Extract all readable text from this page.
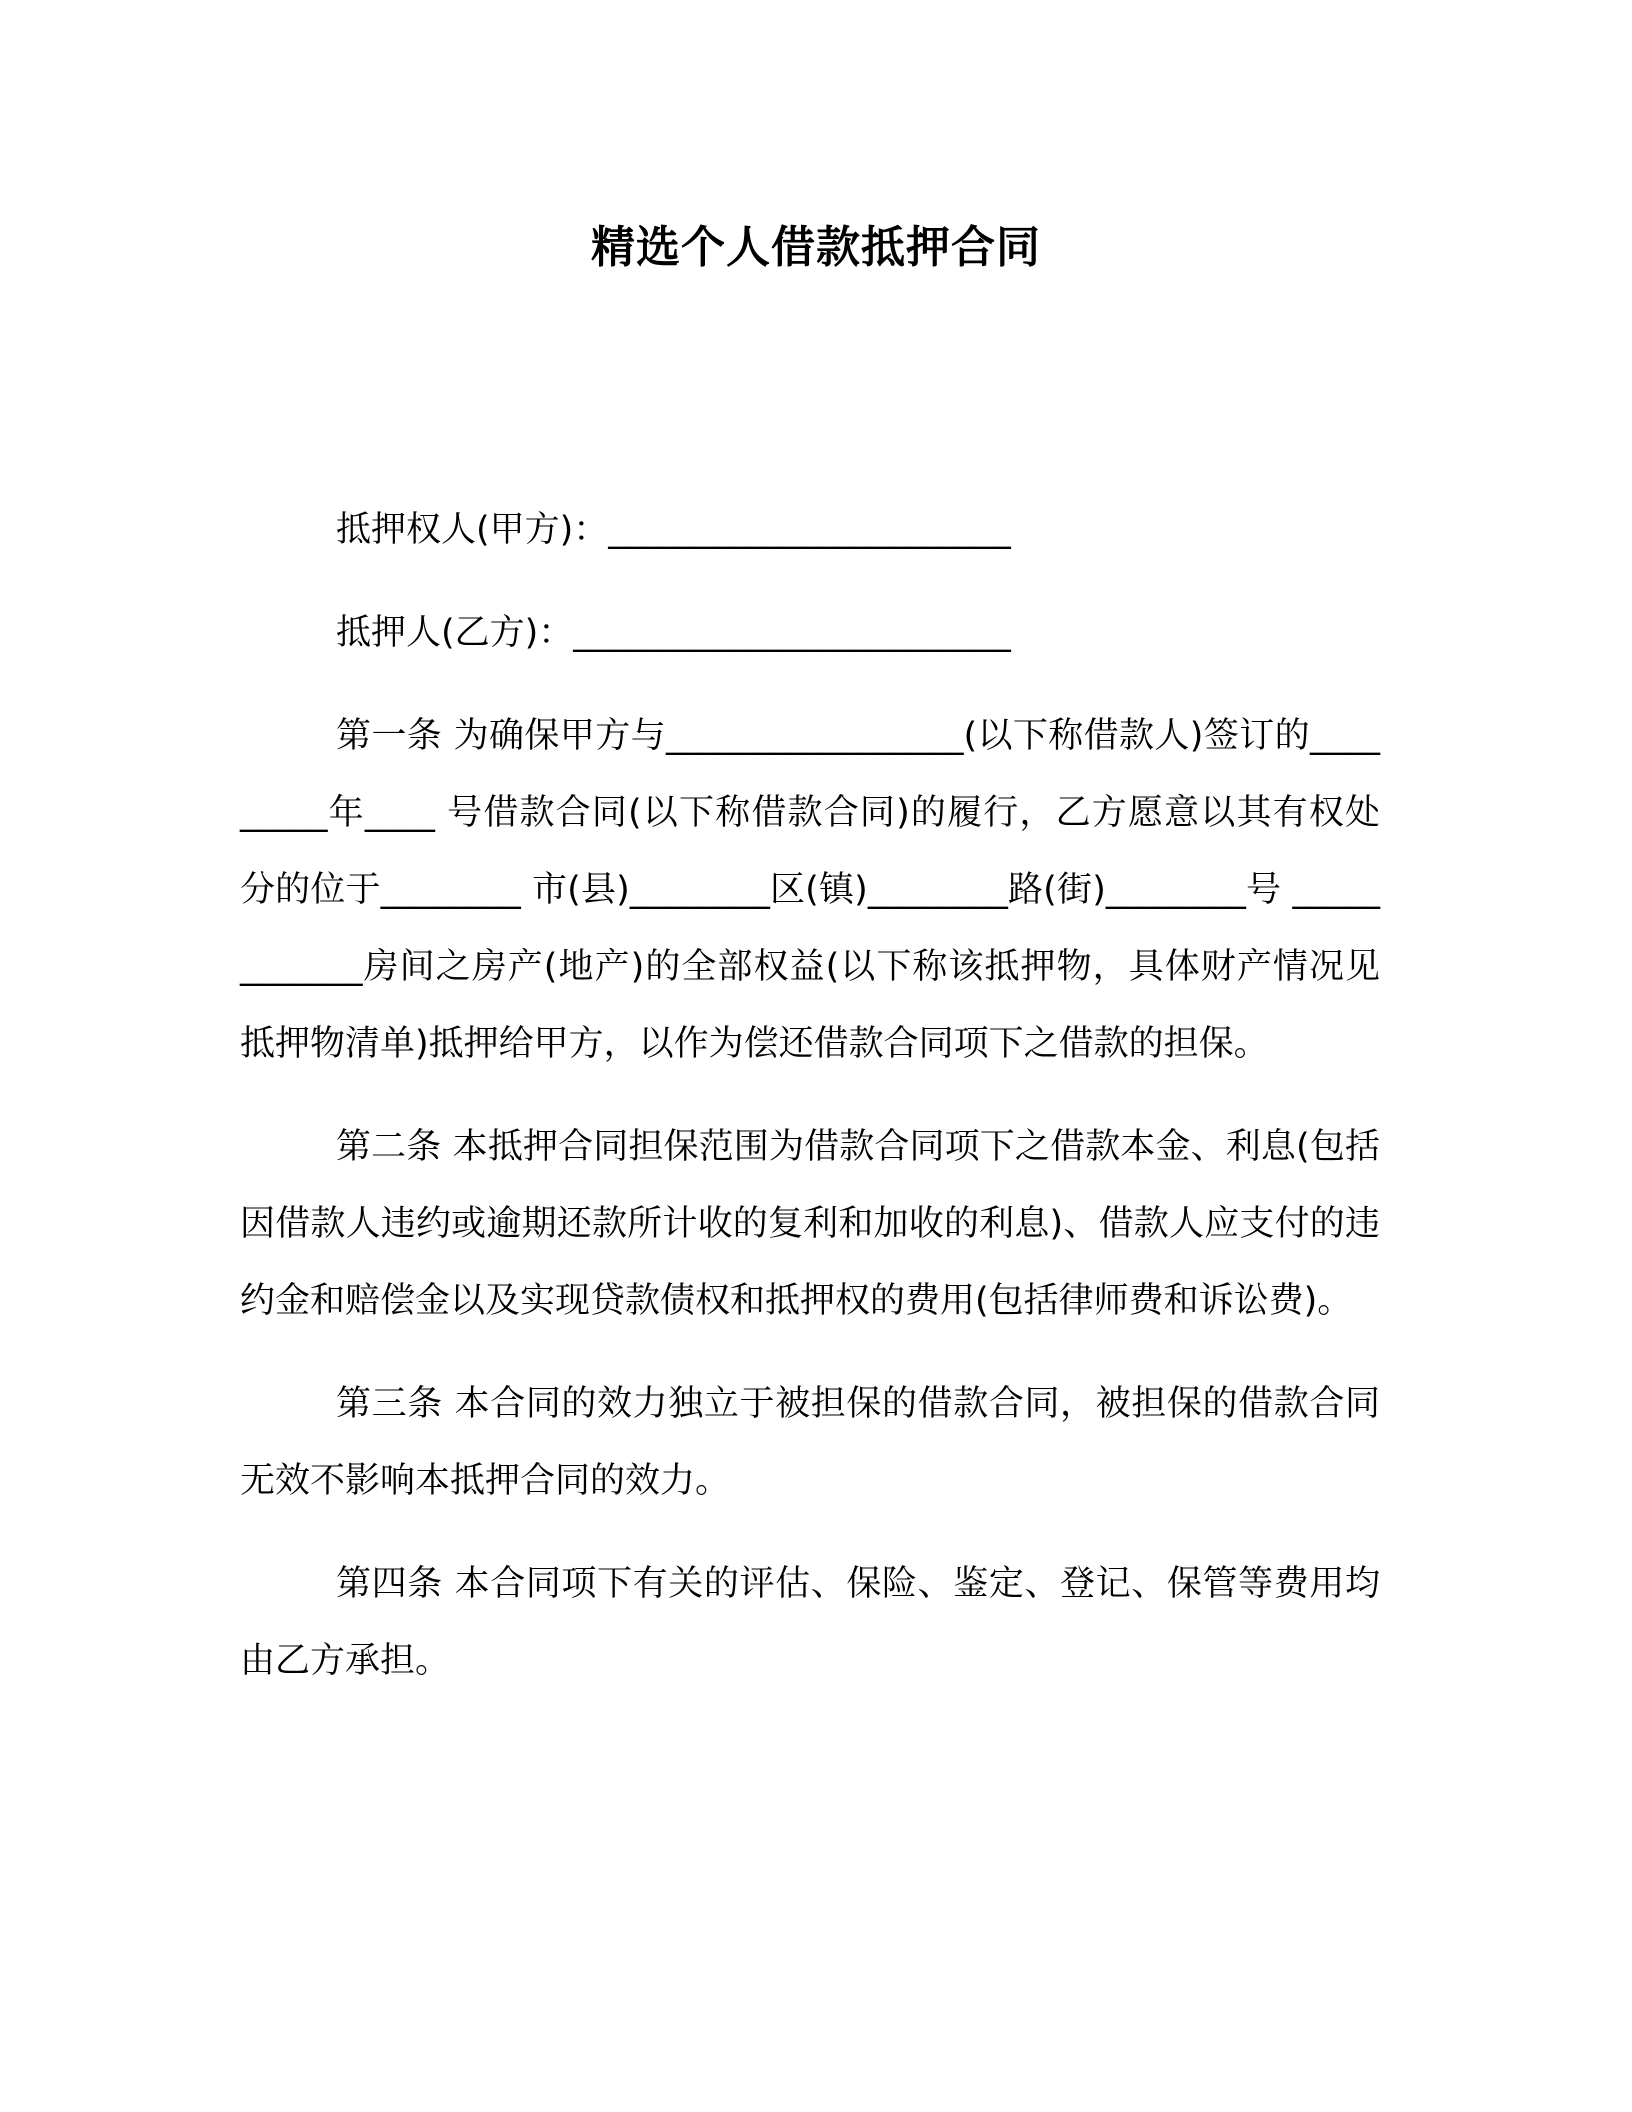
精选个人借款抵押合同

抵押权人(甲方)：_______________________

抵押人(乙方)：_________________________

第一条 为确保甲方与_________________(以下称借款人)签订的_________年____ 号借款合同(以下称借款合同)的履行，乙方愿意以其有权处分的位于________ 市(县)________区(镇)________路(街)________号 ____________房间之房产(地产)的全部权益(以下称该抵押物，具体财产情况见抵押物清单)抵押给甲方，以作为偿还借款合同项下之借款的担保。

第二条 本抵押合同担保范围为借款合同项下之借款本金、利息(包括因借款人违约或逾期还款所计收的复利和加收的利息)、借款人应支付的违约金和赔偿金以及实现贷款债权和抵押权的费用(包括律师费和诉讼费)。

第三条 本合同的效力独立于被担保的借款合同，被担保的借款合同无效不影响本抵押合同的效力。

第四条 本合同项下有关的评估、保险、鉴定、登记、保管等费用均由乙方承担。
